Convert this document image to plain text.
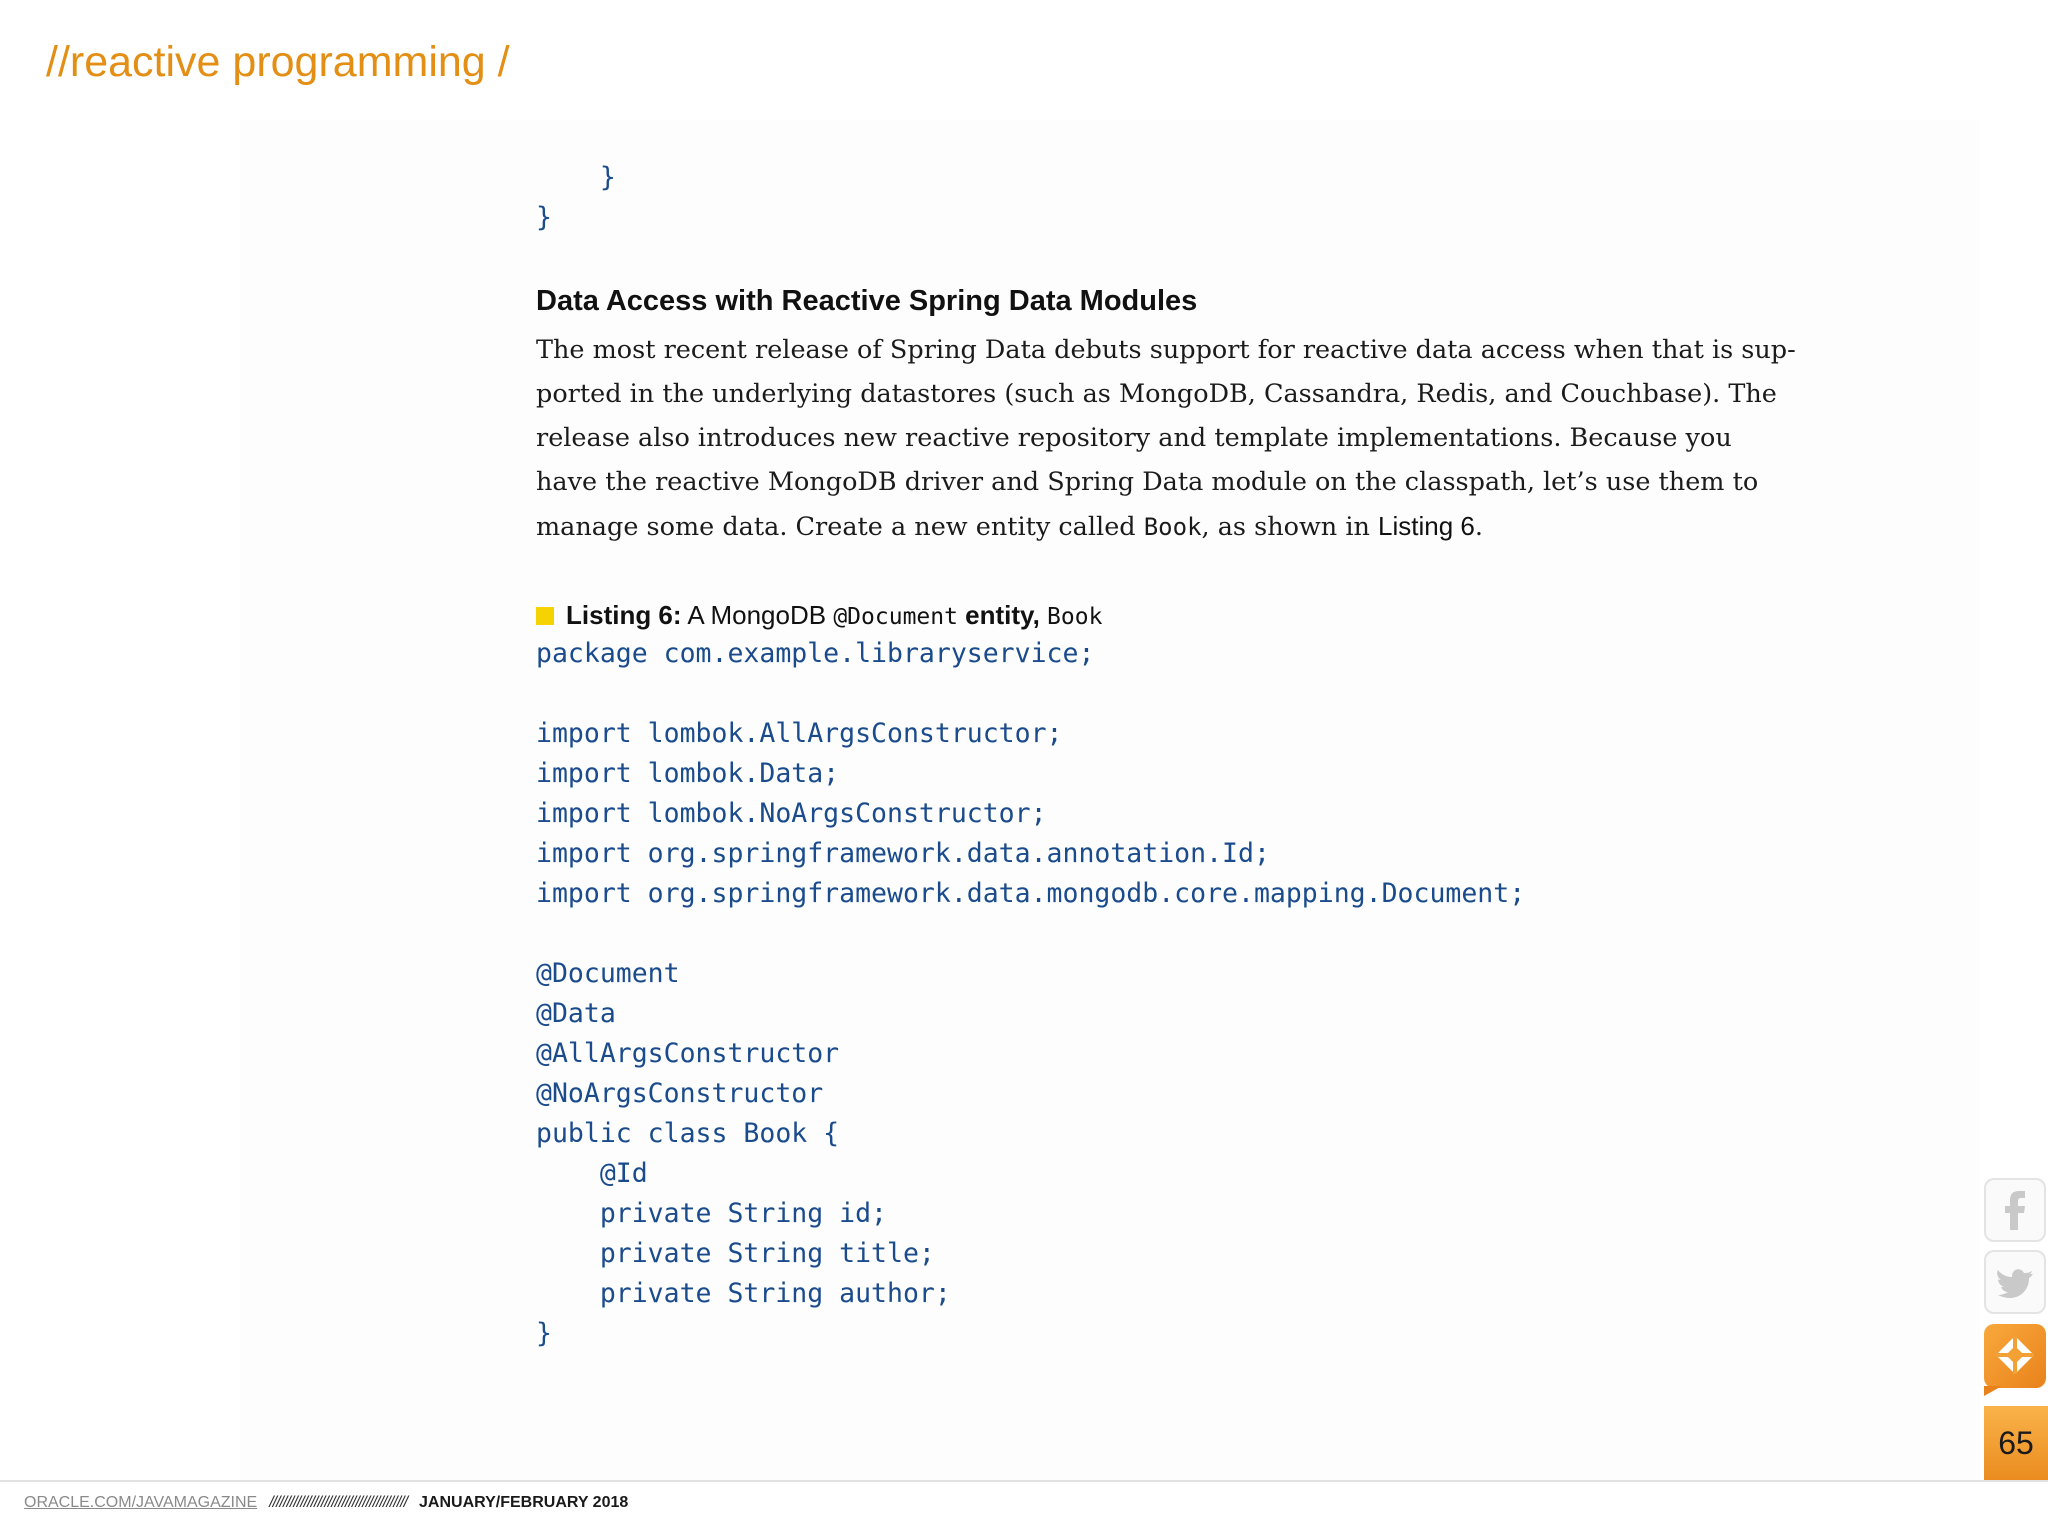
//reactive programming /
}
}
Data Access with Reactive Spring Data Modules
The most recent release of Spring Data debuts support for reactive data access when that is sup-
ported in the underlying datastores (such as MongoDB, Cassandra, Redis, and Couchbase). The
release also introduces new reactive repository and template implementations. Because you
have the reactive MongoDB driver and Spring Data module on the classpath, let’s use them to
manage some data. Create a new entity called Book, as shown in Listing 6.
Listing 6: A MongoDB @Document entity, Book
package com.example.libraryservice;
import lombok.AllArgsConstructor;
import lombok.Data;
import lombok.NoArgsConstructor;
import org.springframework.data.annotation.Id;
import org.springframework.data.mongodb.core.mapping.Document;
@Document
@Data
@AllArgsConstructor
@NoArgsConstructor
public class Book {
@Id
private String id;
private String title;
private String author;
}
65
ORACLE.COM/JAVAMAGAZINE //////////////////////////////////////// JANUARY/FEBRUARY 2018
